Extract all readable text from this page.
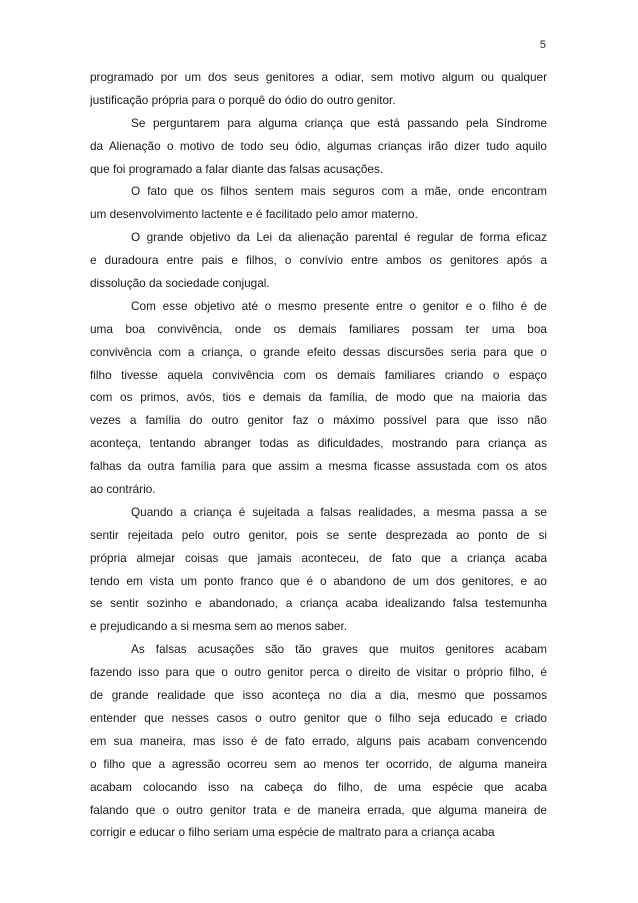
5
programado por um dos seus genitores a odiar, sem motivo algum ou qualquer
justificação própria para o porquê do ódio do outro genitor.
Se perguntarem para alguma criança que está passando pela Síndrome
da Alienação o motivo de todo seu ódio, algumas crianças irão dizer tudo aquilo
que foi programado a falar diante das falsas acusações.
O fato que os filhos sentem mais seguros com a mãe, onde encontram
um desenvolvimento lactente e é facilitado pelo amor materno.
O grande objetivo da Lei da alienação parental é regular de forma eficaz
e duradoura entre pais e filhos, o convívio entre ambos os genitores após a
dissolução da sociedade conjugal.
Com esse objetivo até o mesmo presente entre o genitor e o filho é de
uma boa convivência, onde os demais familiares possam ter uma boa
convivência com a criança, o grande efeito dessas discursões seria para que o
filho tivesse aquela convivência com os demais familiares criando o espaço
com os primos, avós, tios e demais da família, de modo que na maioria das
vezes a família do outro genitor faz o máximo possível para que isso não
aconteça, tentando abranger todas as dificuldades, mostrando para criança as
falhas da outra família para que assim a mesma ficasse assustada com os atos
ao contrário.
Quando a criança é sujeitada a falsas realidades, a mesma passa a se
sentir rejeitada pelo outro genitor, pois se sente desprezada ao ponto de si
própria almejar coisas que jamais aconteceu, de fato que a criança acaba
tendo em vista um ponto franco que é o abandono de um dos genitores, e ao
se sentir sozinho e abandonado, a criança acaba idealizando falsa testemunha
e prejudicando a si mesma sem ao menos saber.
As falsas acusações são tão graves que muitos genitores acabam
fazendo isso para que o outro genitor perca o direito de visitar o próprio filho, é
de grande realidade que isso aconteça no dia a dia, mesmo que possamos
entender que nesses casos o outro genitor que o filho seja educado e criado
em sua maneira, mas isso é de fato errado, alguns pais acabam convencendo
o filho que a agressão ocorreu sem ao menos ter ocorrido, de alguma maneira
acabam colocando isso na cabeça do filho, de uma espécie que acaba
falando que o outro genitor trata e de maneira errada, que alguma maneira de
corrigir e educar o filho seriam uma espécie de maltrato para a criança acaba
